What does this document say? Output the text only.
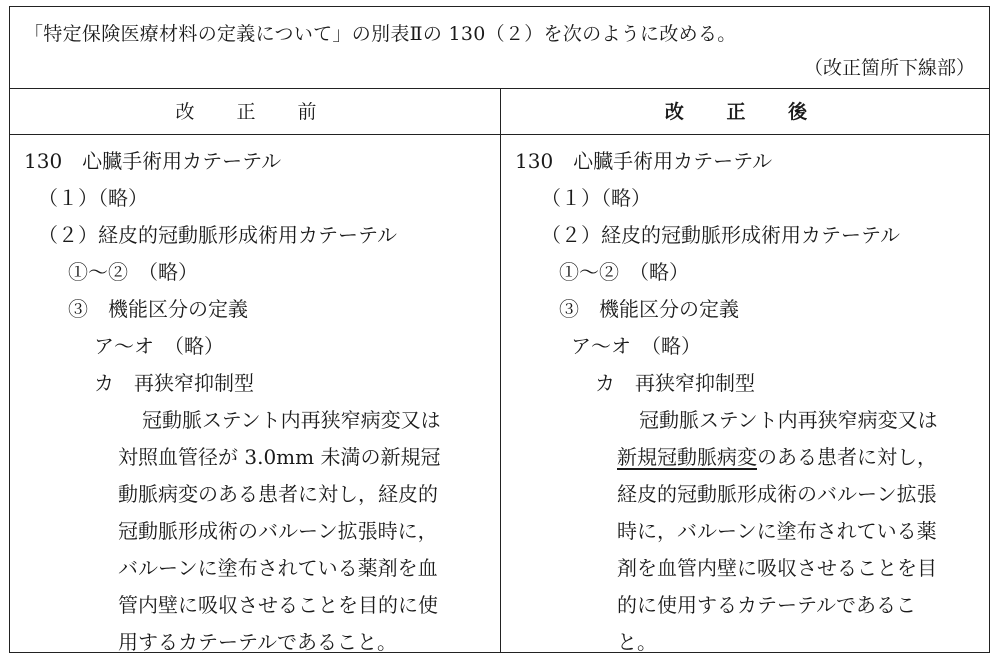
「特定保険医療材料の定義について」の別表Ⅱの 130（２）を次のように改める。
（改正箇所下線部）
改 正 前	改 正 後
130　心臓手術用カテーテル
（１）（略）
（２）経皮的冠動脈形成術用カテーテル
①～②　（略）
③　機能区分の定義
ア～オ　（略）
カ　再狭窄抑制型
冠動脈ステント内再狭窄病変又は
対照血管径が 3.0mm 未満の新規冠
動脈病変のある患者に対し，経皮的
冠動脈形成術のバルーン拡張時に，
バルーンに塗布されている薬剤を血
管内壁に吸収させることを目的に使
用するカテーテルであること。
130　心臓手術用カテーテル
（１）（略）
（２）経皮的冠動脈形成術用カテーテル
①～②　（略）
③　機能区分の定義
ア～オ　（略）
カ　再狭窄抑制型
冠動脈ステント内再狭窄病変又は
新規冠動脈病変のある患者に対し，
経皮的冠動脈形成術のバルーン拡張
時に，バルーンに塗布されている薬
剤を血管内壁に吸収させることを目
的に使用するカテーテルであるこ
と。
